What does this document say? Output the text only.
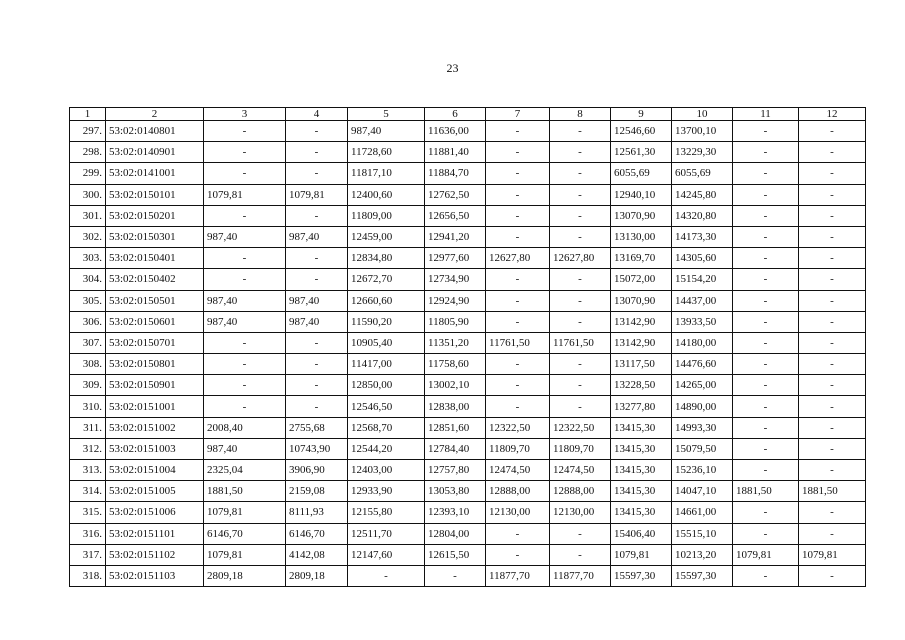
23
1	2	3	4	5	6	7	8	9	10	11	12
297.	53:02:0140801	-	-	987,40	11636,00	-	-	12546,60	13700,10	-	-
298.	53:02:0140901	-	-	11728,60	11881,40	-	-	12561,30	13229,30	-	-
299.	53:02:0141001	-	-	11817,10	11884,70	-	-	6055,69	6055,69	-	-
300.	53:02:0150101	1079,81	1079,81	12400,60	12762,50	-	-	12940,10	14245,80	-	-
301.	53:02:0150201	-	-	11809,00	12656,50	-	-	13070,90	14320,80	-	-
302.	53:02:0150301	987,40	987,40	12459,00	12941,20	-	-	13130,00	14173,30	-	-
303.	53:02:0150401	-	-	12834,80	12977,60	12627,80	12627,80	13169,70	14305,60	-	-
304.	53:02:0150402	-	-	12672,70	12734,90	-	-	15072,00	15154,20	-	-
305.	53:02:0150501	987,40	987,40	12660,60	12924,90	-	-	13070,90	14437,00	-	-
306.	53:02:0150601	987,40	987,40	11590,20	11805,90	-	-	13142,90	13933,50	-	-
307.	53:02:0150701	-	-	10905,40	11351,20	11761,50	11761,50	13142,90	14180,00	-	-
308.	53:02:0150801	-	-	11417,00	11758,60	-	-	13117,50	14476,60	-	-
309.	53:02:0150901	-	-	12850,00	13002,10	-	-	13228,50	14265,00	-	-
310.	53:02:0151001	-	-	12546,50	12838,00	-	-	13277,80	14890,00	-	-
311.	53:02:0151002	2008,40	2755,68	12568,70	12851,60	12322,50	12322,50	13415,30	14993,30	-	-
312.	53:02:0151003	987,40	10743,90	12544,20	12784,40	11809,70	11809,70	13415,30	15079,50	-	-
313.	53:02:0151004	2325,04	3906,90	12403,00	12757,80	12474,50	12474,50	13415,30	15236,10	-	-
314.	53:02:0151005	1881,50	2159,08	12933,90	13053,80	12888,00	12888,00	13415,30	14047,10	1881,50	1881,50
315.	53:02:0151006	1079,81	8111,93	12155,80	12393,10	12130,00	12130,00	13415,30	14661,00	-	-
316.	53:02:0151101	6146,70	6146,70	12511,70	12804,00	-	-	15406,40	15515,10	-	-
317.	53:02:0151102	1079,81	4142,08	12147,60	12615,50	-	-	1079,81	10213,20	1079,81	1079,81
318.	53:02:0151103	2809,18	2809,18	-	-	11877,70	11877,70	15597,30	15597,30	-	-
